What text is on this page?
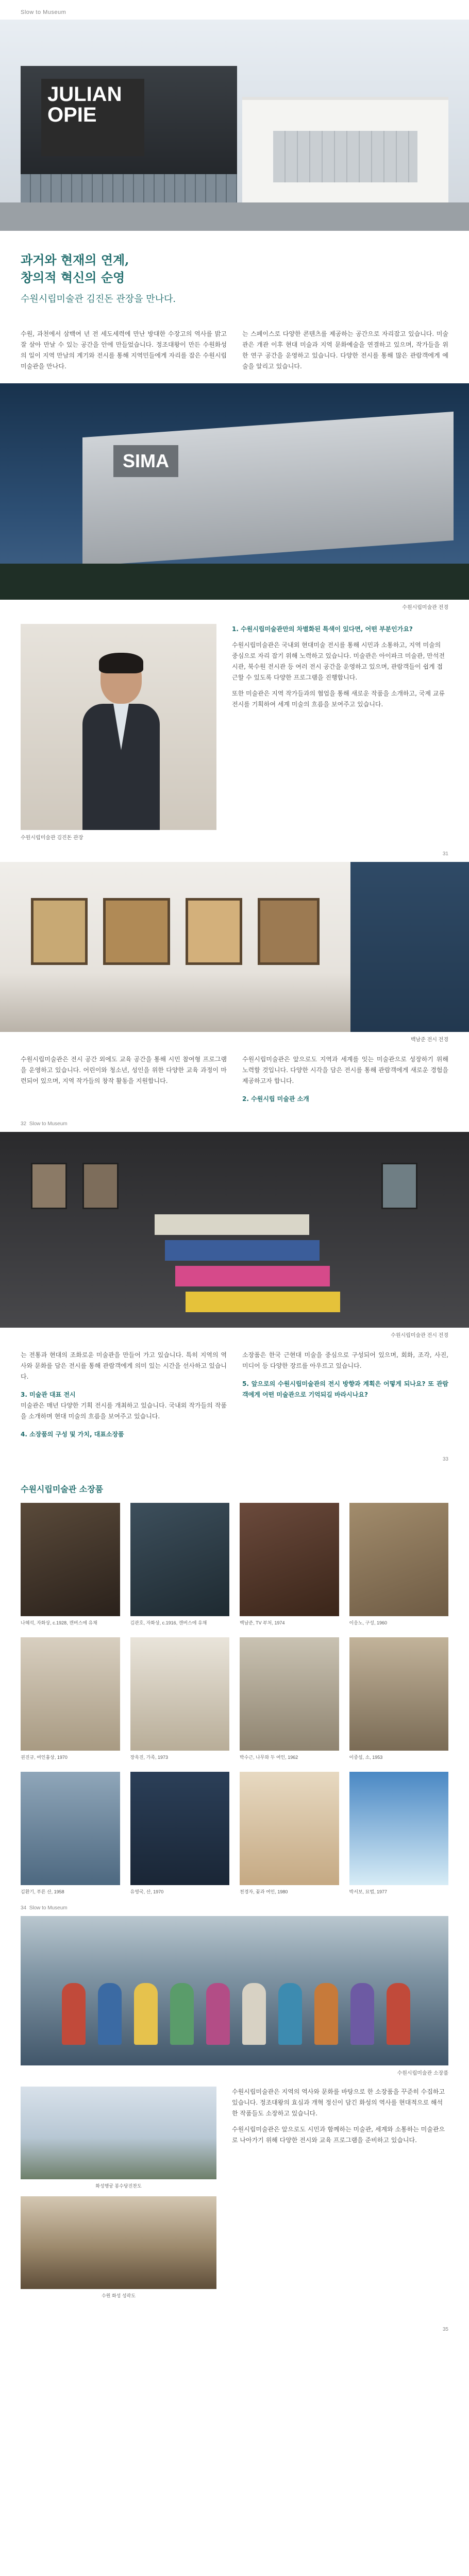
Slow to Museum
JULIAN
OPIE
과거와 현재의 연계,
창의적 혁신의 순영
수원시립미술관 김진돈 관장을 만나다.

수원, 과천에서 삼백여 년 전 세도세력에 만난 방대한 수장고의 역사를 밝고 잘 살아 만날 수 있는 공간을 안에 만들었습니다. 정조대왕이 만든 수원화성의 일이 지역 만남의 계기와 전시를 통해 지역민들에게 자리를 잡은 수원시립미술관을 만나다.

는 스페이스로 다양한 콘텐츠를 제공하는 공간으로 자리잡고 있습니다. 미술관은 개관 이후 현대 미술과 지역 문화예술을 연결하고 있으며, 작가들을 위한 연구 공간을 운영하고 있습니다. 다양한 전시를 통해 많은 관람객에게 예술을 알리고 있습니다.

SIMA
수원시립미술관 전경
수원시립미술관 김진돈 관장

1. 수원시립미술관만의 차별화된 특색이 있다면, 어떤 부분인가요?

수원시립미술관은 국내외 현대미술 전시를 통해 시민과 소통하고, 지역 미술의 중심으로 자리 잡기 위해 노력하고 있습니다. 미술관은 아이파크 미술관, 만석전시관, 북수원 전시관 등 여러 전시 공간을 운영하고 있으며, 관람객들이 쉽게 접근할 수 있도록 다양한 프로그램을 진행합니다.

또한 미술관은 지역 작가들과의 협업을 통해 새로운 작품을 소개하고, 국제 교류 전시를 기획하여 세계 미술의 흐름을 보여주고 있습니다.

31
백남준 전시 전경

수원시립미술관은 전시 공간 외에도 교육 공간을 통해 시민 참여형 프로그램을 운영하고 있습니다. 어린이와 청소년, 성인을 위한 다양한 교육 과정이 마련되어 있으며, 지역 작가들의 창작 활동을 지원합니다.

수원시립미술관은 앞으로도 지역과 세계를 잇는 미술관으로 성장하기 위해 노력할 것입니다. 다양한 시각을 담은 전시를 통해 관람객에게 새로운 경험을 제공하고자 합니다.

2. 수원시립 미술관 소개
32 Slow to Museum
수원시립미술관 전시 전경

는 전통과 현대의 조화로운 미술관을 만들어 가고 있습니다. 특히 지역의 역사와 문화를 담은 전시를 통해 관람객에게 의미 있는 시간을 선사하고 있습니다.

3. 미술관 대표 전시

미술관은 매년 다양한 기획 전시를 개최하고 있습니다. 국내외 작가들의 작품을 소개하며 현대 미술의 흐름을 보여주고 있습니다.

4. 소장품의 구성 및 가치, 대표소장품

소장품은 한국 근현대 미술을 중심으로 구성되어 있으며, 회화, 조각, 사진, 미디어 등 다양한 장르를 아우르고 있습니다.

5. 앞으로의 수원시립미술관의 전시 방향과 계획은 어떻게 되나요? 또 관람객에게 어떤 미술관으로 기억되길 바라시나요?

33
수원시립미술관 소장품
나혜석, 자화상, c.1928, 캔버스에 유채	김관호, 자화상, c.1916, 캔버스에 유채	백남준, TV 부처, 1974	이응노, 구성, 1960
권진규, 여인흉상, 1970	장욱진, 가족, 1973	박수근, 나무와 두 여인, 1962	이중섭, 소, 1953
김환기, 푸른 산, 1958	유영국, 산, 1970	천경자, 꽃과 여인, 1980	박서보, 묘법, 1977
34 Slow to Museum
수원시립미술관 소장품
화성행궁 봉수당진찬도
수원 화성 성곽도

수원시립미술관은 지역의 역사와 문화를 바탕으로 한 소장품을 꾸준히 수집하고 있습니다. 정조대왕의 효심과 개혁 정신이 담긴 화성의 역사를 현대적으로 해석한 작품들도 소장하고 있습니다.

수원시립미술관은 앞으로도 시민과 함께하는 미술관, 세계와 소통하는 미술관으로 나아가기 위해 다양한 전시와 교육 프로그램을 준비하고 있습니다.

35
